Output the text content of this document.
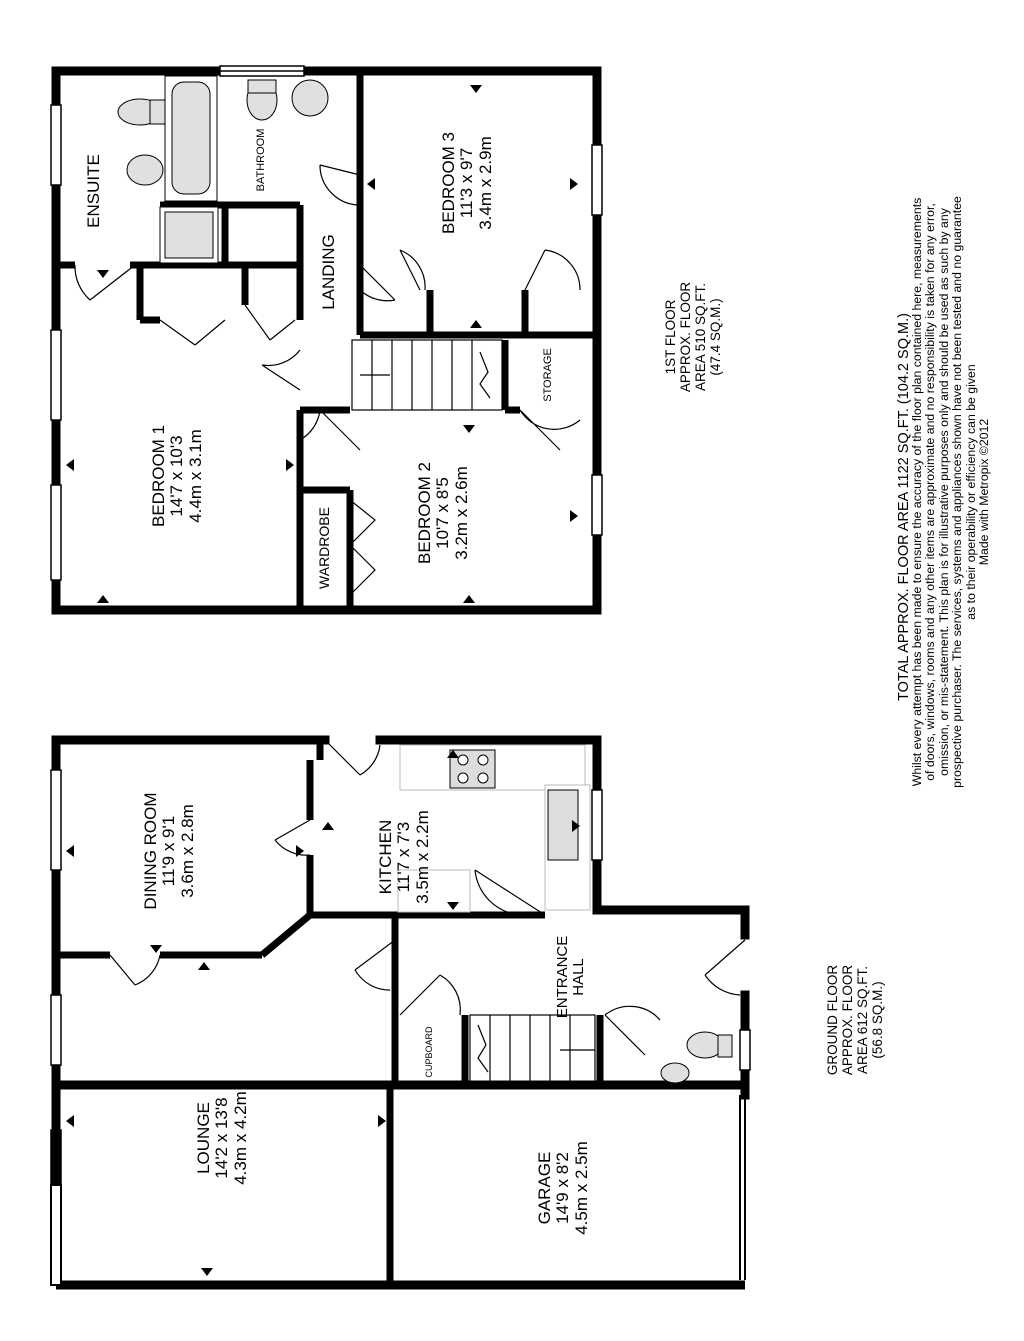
ENSUITE	BATHROOM
LANDING
BEDROOM 3 11'3 x 9'7 3.4m x 2.9m
BEDROOM 1 14'7 x 10'3 4.4m x 3.1m	BEDROOM 2 10'7 x 8'5 3.2m x 2.6m
STORAGE
WARDROBE
DINING ROOM 11'9 x 9'1 3.6m x 2.8m	KITCHEN 11'7 x 7'3 3.5m x 2.2m
ENTRANCE HALL
CUPBOARD
LOUNGE 14'2 x 13'8 4.3m x 4.2m
GARAGE 14'9 x 8'2 4.5m x 2.5m
1ST FLOOR APPROX. FLOOR AREA 510 SQ.FT. (47.4 SQ.M.)
GROUND FLOOR APPROX. FLOOR AREA 612 SQ.FT. (56.8 SQ.M.)
TOTAL APPROX. FLOOR AREA 1122 SQ.FT. (104.2 SQ.M.)
Whilst every attempt has been made to ensure the accuracy of the floor plan contained here, measurements of doors, windows, rooms and any other items are approximate and no responsibility is taken for any error, omission, or mis-statement. This plan is for illustrative purposes only and should be used as such by any prospective purchaser. The services, systems and appliances shown have not been tested and no guarantee as to their operability or efficiency can be given Made with Metropix ©2012
